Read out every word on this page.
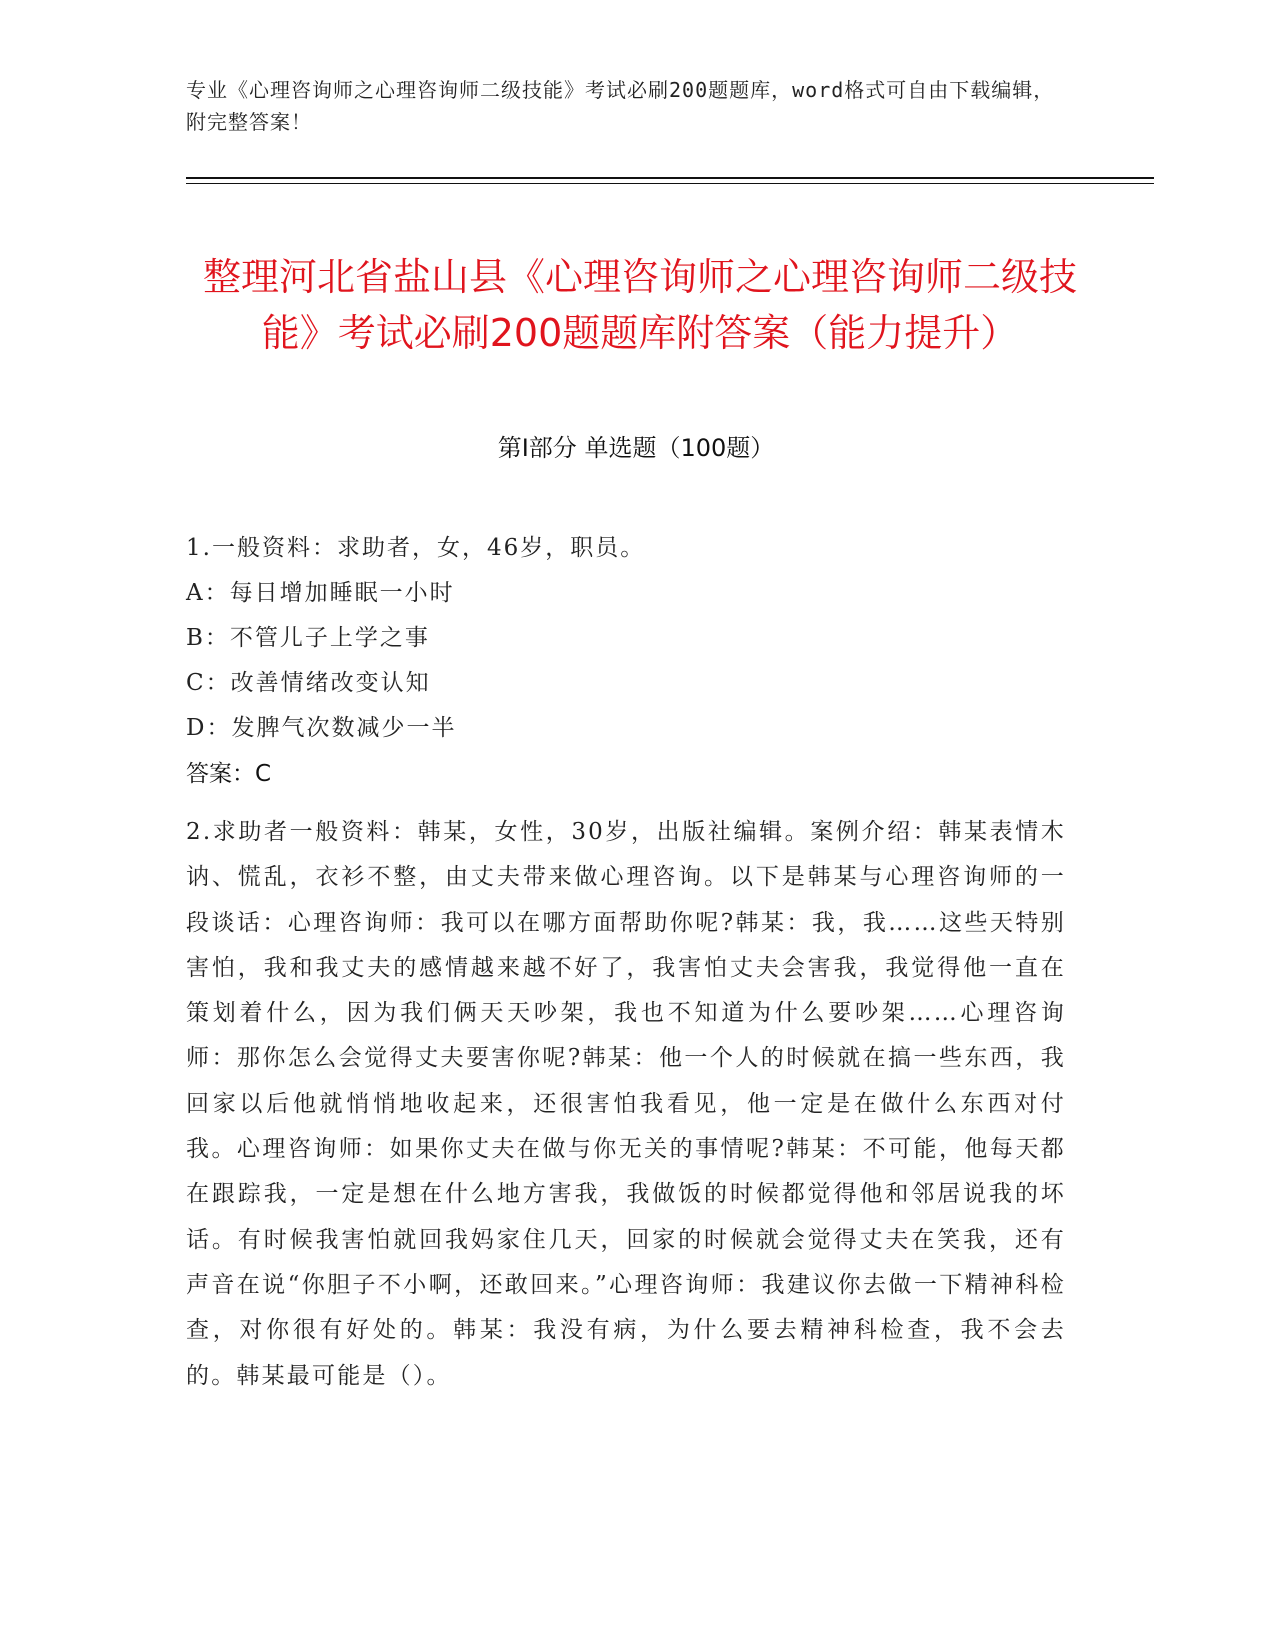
专业《心理咨询师之心理咨询师二级技能》考试必刷200题题库，word格式可自由下载编辑，附完整答案！
整理河北省盐山县《心理咨询师之心理咨询师二级技能》考试必刷200题题库附答案（能力提升）
第I部分 单选题（100题）
1.一般资料：求助者，女，46岁，职员。
A：每日增加睡眠一小时
B：不管儿子上学之事
C：改善情绪改变认知
D：发脾气次数减少一半
答案：C
2.求助者一般资料：韩某，女性，30岁，出版社编辑。案例介绍：韩某表情木讷、慌乱，衣衫不整，由丈夫带来做心理咨询。以下是韩某与心理咨询师的一段谈话：心理咨询师：我可以在哪方面帮助你呢?韩某：我，我……这些天特别害怕，我和我丈夫的感情越来越不好了，我害怕丈夫会害我，我觉得他一直在策划着什么，因为我们俩天天吵架，我也不知道为什么要吵架……心理咨询师：那你怎么会觉得丈夫要害你呢?韩某：他一个人的时候就在搞一些东西，我回家以后他就悄悄地收起来，还很害怕我看见，他一定是在做什么东西对付我。心理咨询师：如果你丈夫在做与你无关的事情呢?韩某：不可能，他每天都在跟踪我，一定是想在什么地方害我，我做饭的时候都觉得他和邻居说我的坏话。有时候我害怕就回我妈家住几天，回家的时候就会觉得丈夫在笑我，还有声音在说“你胆子不小啊，还敢回来。”心理咨询师：我建议你去做一下精神科检查，对你很有好处的。韩某：我没有病，为什么要去精神科检查，我不会去的。韩某最可能是（）。
